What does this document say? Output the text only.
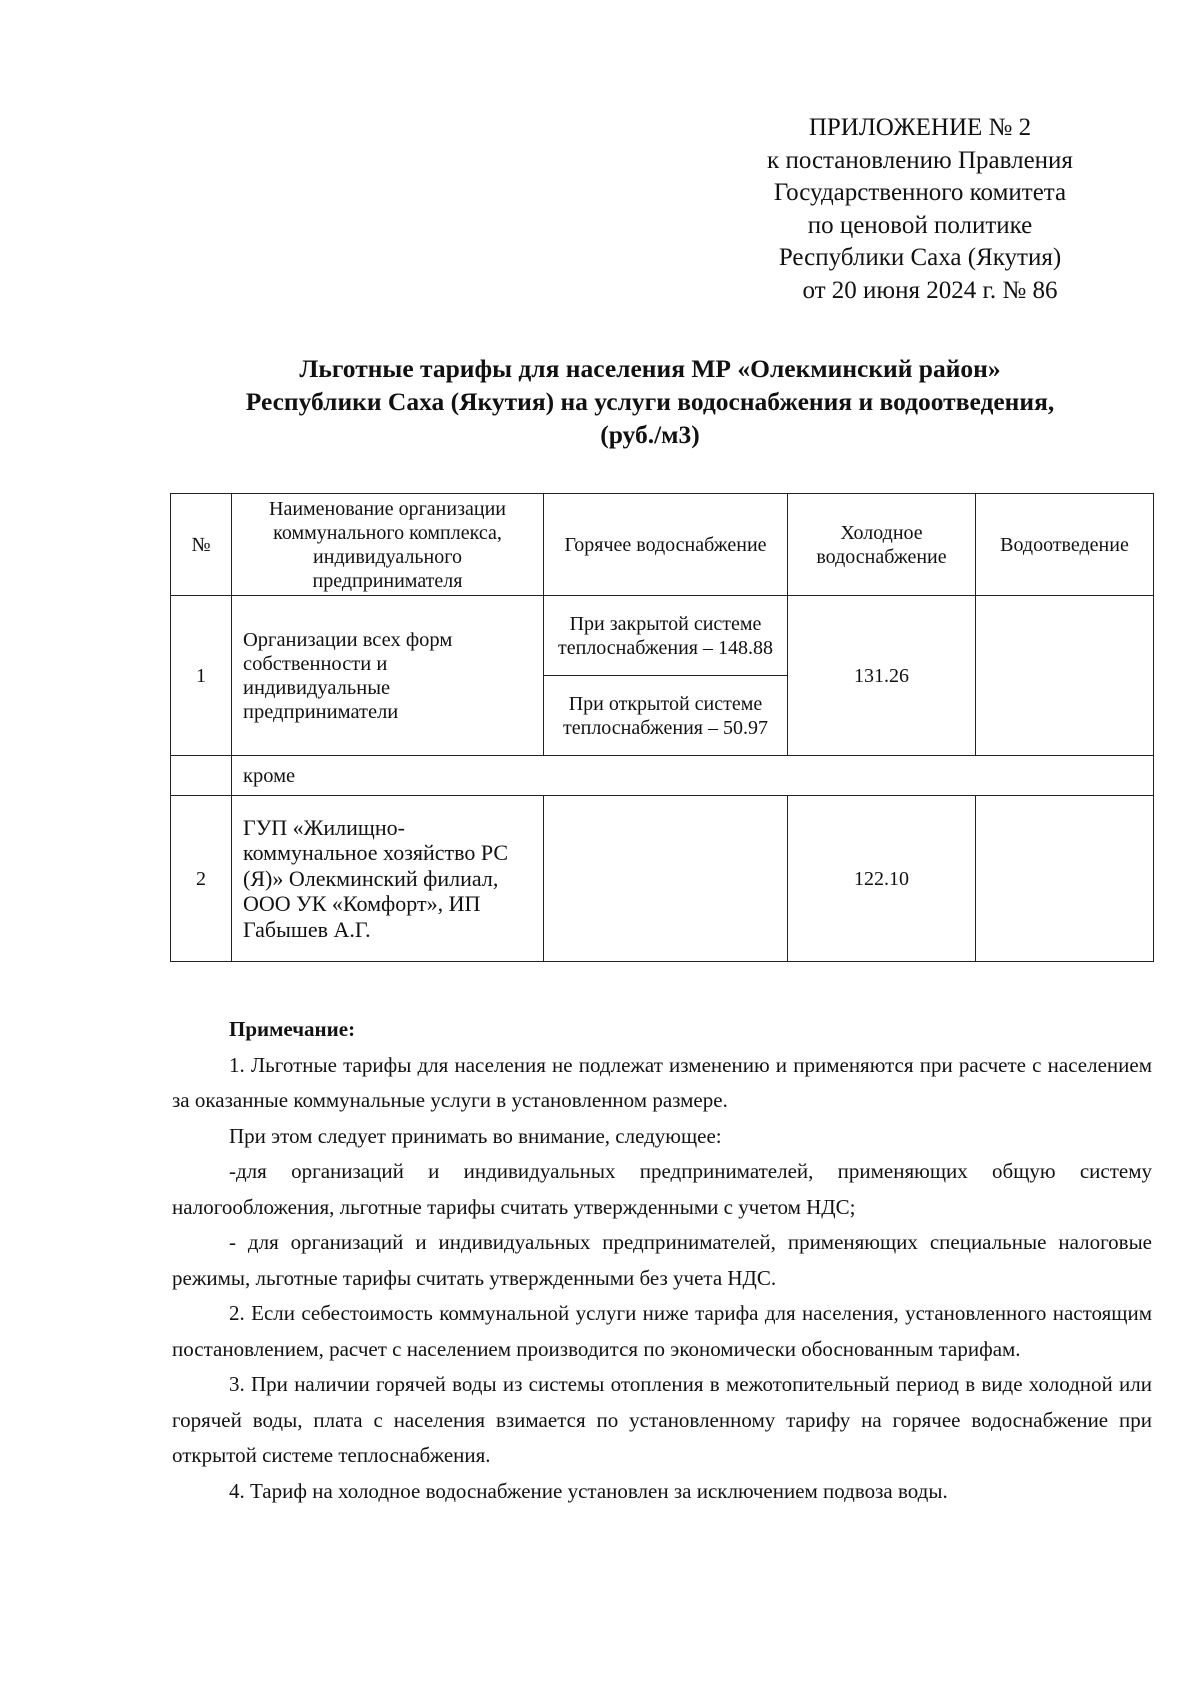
ПРИЛОЖЕНИЕ № 2
к постановлению Правления
Государственного комитета
по ценовой политике
Республики Саха (Якутия)
от 20 июня 2024 г. № 86
Льготные тарифы для населения МР «Олекминский район»
Республики Саха (Якутия) на услуги водоснабжения и водоотведения,
(руб./м3)
№	Наименование организации коммунального комплекса, индивидуального предпринимателя	Горячее водоснабжение	Холодное водоснабжение	Водоотведение
1	Организации всех форм собственности и индивидуальные предприниматели	При закрытой системе теплоснабжения – 148.88	131.26	
		При открытой системе теплоснабжения – 50.97		
	кроме			
2	ГУП «Жилищно-коммунальное хозяйство РС (Я)» Олекминский филиал, ООО УК «Комфорт», ИП Габышев А.Г.		122.10	

Примечание:

1. Льготные тарифы для населения не подлежат изменению и применяются при расчете с населением за оказанные коммунальные услуги в установленном размере.

При этом следует принимать во внимание, следующее:

-для организаций и индивидуальных предпринимателей, применяющих общую систему налогообложения, льготные тарифы считать утвержденными с учетом НДС;

- для организаций и индивидуальных предпринимателей, применяющих специальные налоговые режимы, льготные тарифы считать утвержденными без учета НДС.

2. Если себестоимость коммунальной услуги ниже тарифа для населения, установленного настоящим постановлением, расчет с населением производится по экономически обоснованным тарифам.

3. При наличии горячей воды из системы отопления в межотопительный период в виде холодной или горячей воды, плата с населения взимается по установленному тарифу на горячее водоснабжение при открытой системе теплоснабжения.

4. Тариф на холодное водоснабжение установлен за исключением подвоза воды.
